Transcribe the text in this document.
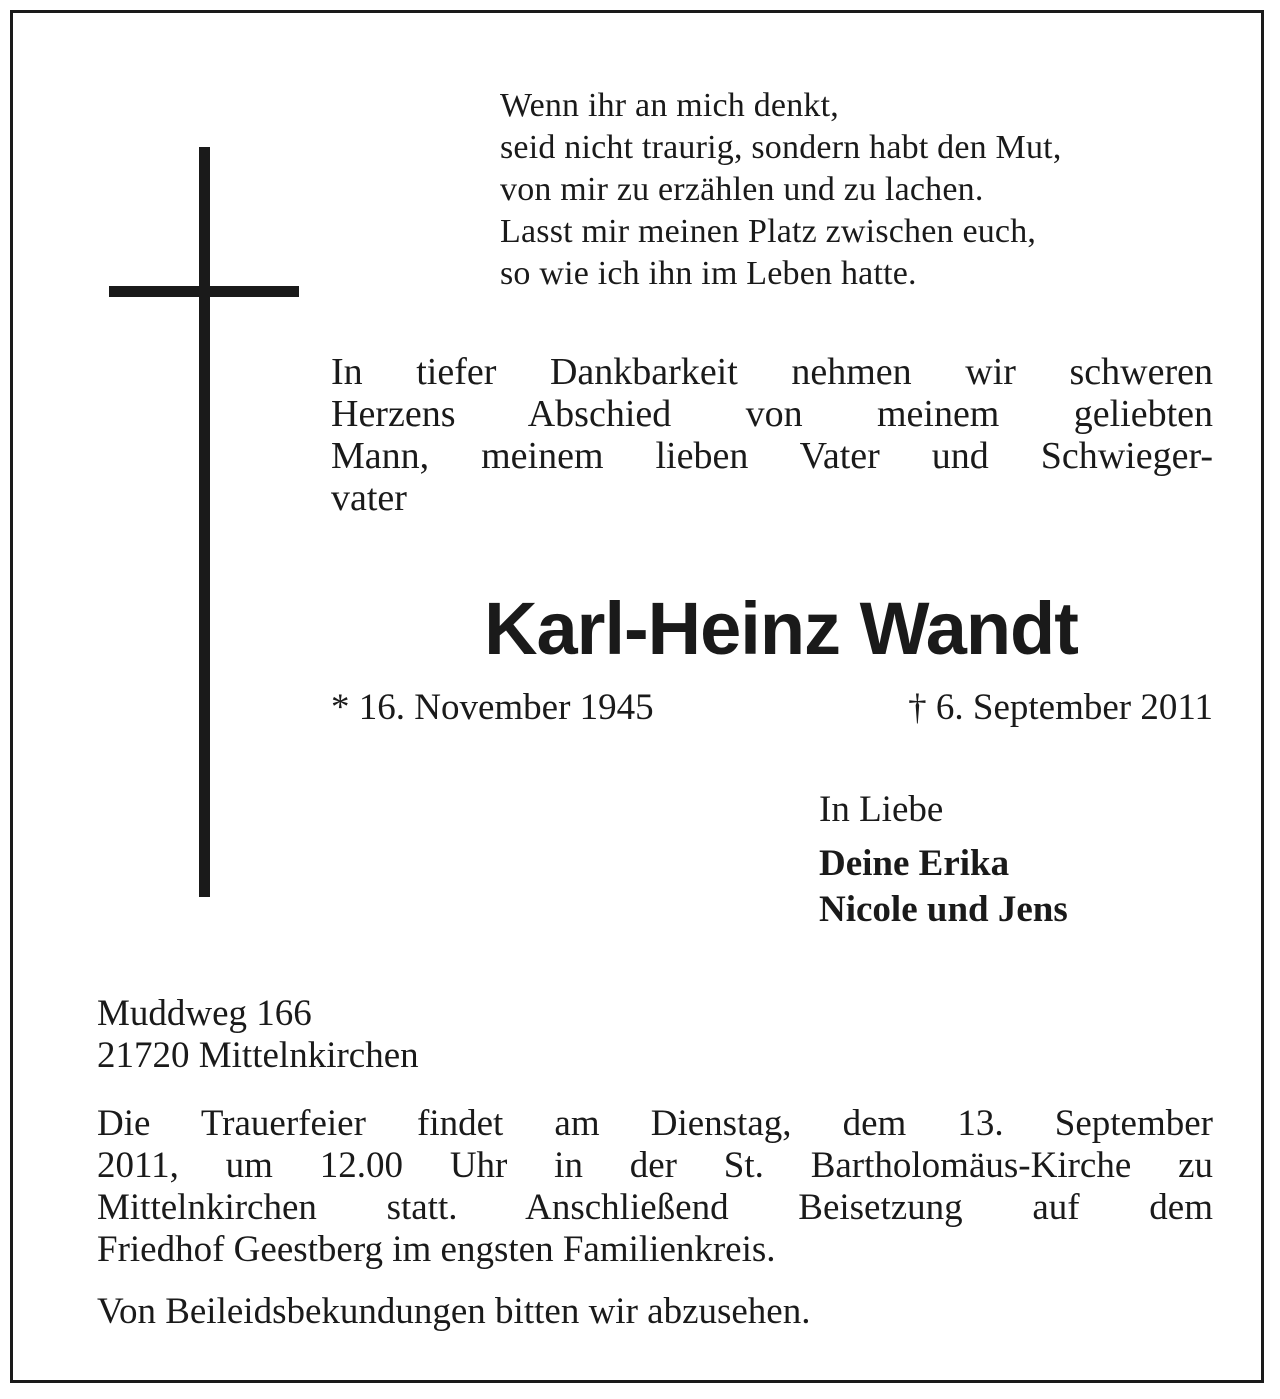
Wenn ihr an mich denkt,
seid nicht traurig, sondern habt den Mut,
von mir zu erzählen und zu lachen.
Lasst mir meinen Platz zwischen euch,
so wie ich ihn im Leben hatte.
In tiefer Dankbarkeit nehmen wir schweren
Herzens Abschied von meinem geliebten
Mann, meinem lieben Vater und Schwieger-
vater
Karl-Heinz Wandt
* 16. November 1945	† 6. September 2011
In Liebe
Deine Erika
Nicole und Jens
Muddweg 166
21720 Mittelnkirchen
Die Trauerfeier findet am Dienstag, dem 13. September
2011, um 12.00 Uhr in der St. Bartholomäus-Kirche zu
Mittelnkirchen statt. Anschließend Beisetzung auf dem
Friedhof Geestberg im engsten Familienkreis.
Von Beileidsbekundungen bitten wir abzusehen.
